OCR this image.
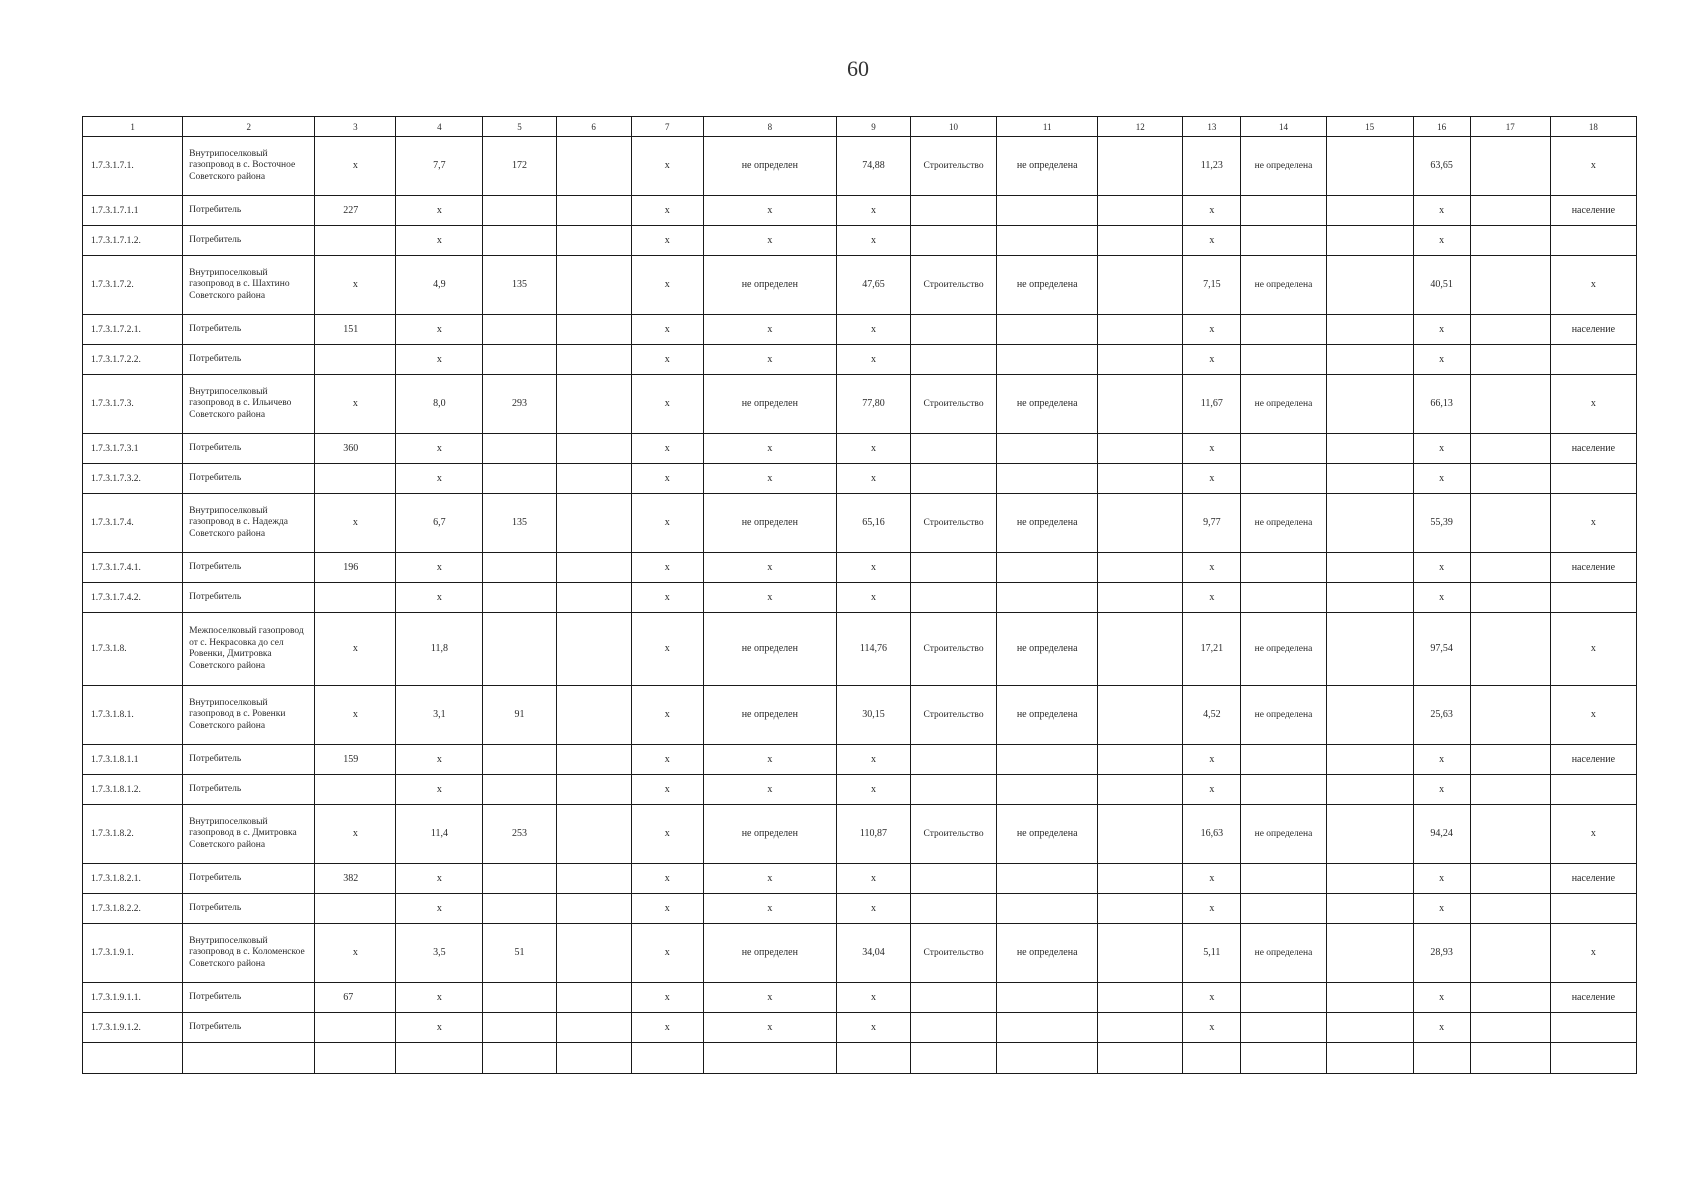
60
1	2	3	4	5	6	7	8	9	10	11	12	13	14	15	16	17	18
1.7.3.1.7.1.	Внутрипоселковый газопровод в с. Восточное Советского района	x	7,7	172		x	не определен	74,88	Строительство	не определена		11,23	не определена		63,65		x
1.7.3.1.7.1.1	Потребитель	227	x			x	x	x				x			x		население
1.7.3.1.7.1.2.	Потребитель		x			x	x	x				x			x		
1.7.3.1.7.2.	Внутрипоселковый газопровод в с. Шахтино Советского района	x	4,9	135		x	не определен	47,65	Строительство	не определена		7,15	не определена		40,51		x
1.7.3.1.7.2.1.	Потребитель	151	x			x	x	x				x			x		население
1.7.3.1.7.2.2.	Потребитель		x			x	x	x				x			x		
1.7.3.1.7.3.	Внутрипоселковый газопровод в с. Ильичево Советского района	x	8,0	293		x	не определен	77,80	Строительство	не определена		11,67	не определена		66,13		x
1.7.3.1.7.3.1	Потребитель	360	x			x	x	x				x			x		население
1.7.3.1.7.3.2.	Потребитель		x			x	x	x				x			x		
1.7.3.1.7.4.	Внутрипоселковый газопровод в с. Надежда Советского района	x	6,7	135		x	не определен	65,16	Строительство	не определена		9,77	не определена		55,39		x
1.7.3.1.7.4.1.	Потребитель	196	x			x	x	x				x			x		население
1.7.3.1.7.4.2.	Потребитель		x			x	x	x				x			x		
1.7.3.1.8.	Межпоселковый газопровод от с. Некрасовка до сел Ровенки, Дмитровка Советского района	x	11,8			x	не определен	114,76	Строительство	не определена		17,21	не определена		97,54		x
1.7.3.1.8.1.	Внутрипоселковый газопровод в с. Ровенки Советского района	x	3,1	91		x	не определен	30,15	Строительство	не определена		4,52	не определена		25,63		x
1.7.3.1.8.1.1	Потребитель	159	x			x	x	x				x			x		население
1.7.3.1.8.1.2.	Потребитель		x			x	x	x				x			x		
1.7.3.1.8.2.	Внутрипоселковый газопровод в с. Дмитровка Советского района	x	11,4	253		x	не определен	110,87	Строительство	не определена		16,63	не определена		94,24		x
1.7.3.1.8.2.1.	Потребитель	382	x			x	x	x				x			x		население
1.7.3.1.8.2.2.	Потребитель		x			x	x	x				x			x		
1.7.3.1.9.1.	Внутрипоселковый газопровод в с. Коломенское Советского района	x	3,5	51		x	не определен	34,04	Строительство	не определена		5,11	не определена		28,93		x
1.7.3.1.9.1.1.	Потребитель	67	x			x	x	x				x			x		население
1.7.3.1.9.1.2.	Потребитель		x			x	x	x				x			x		
